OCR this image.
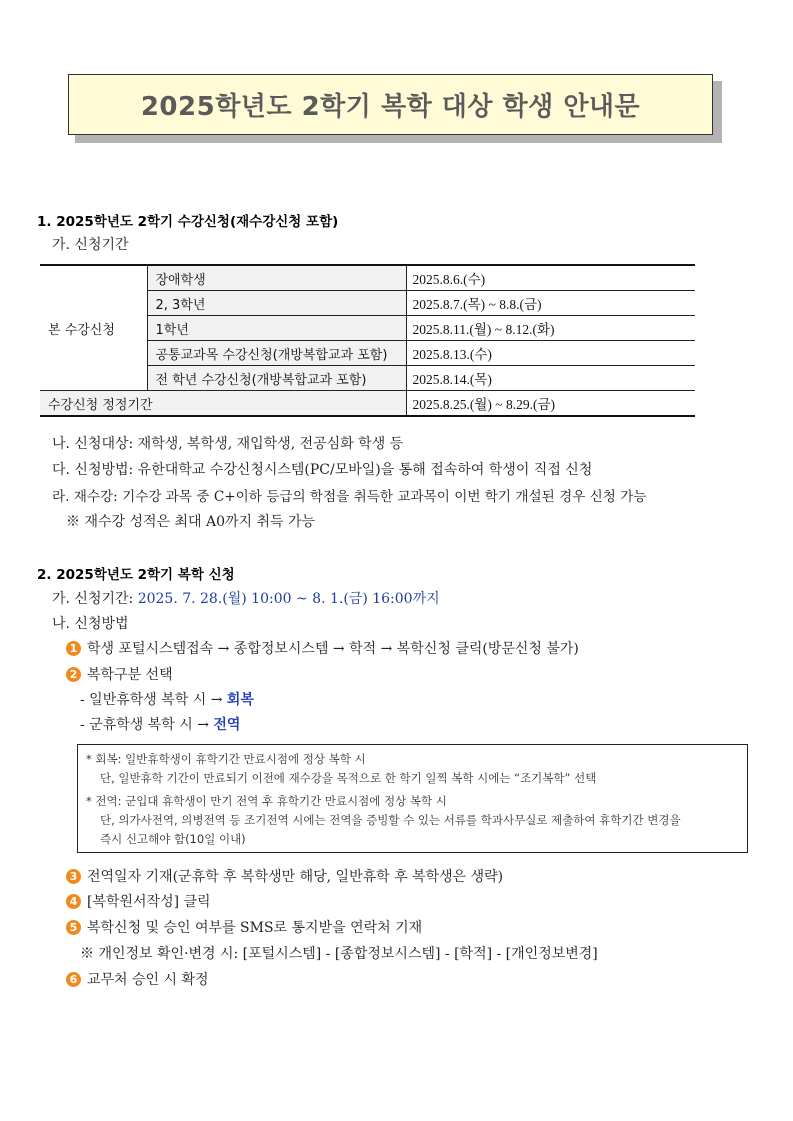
2025학년도 2학기 복학 대상 학생 안내문
1. 2025학년도 2학기 수강신청(재수강신청 포함)
가. 신청기간
본 수강신청	장애학생	2025.8.6.(수)
	2, 3학년	2025.8.7.(목) ~ 8.8.(금)
	1학년	2025.8.11.(월) ~ 8.12.(화)
	공통교과목 수강신청(개방복합교과 포함)	2025.8.13.(수)
	전 학년 수강신청(개방복합교과 포함)	2025.8.14.(목)
수강신청 정정기간		2025.8.25.(월) ~ 8.29.(금)
나. 신청대상: 재학생, 복학생, 재입학생, 전공심화 학생 등
다. 신청방법: 유한대학교 수강신청시스템(PC/모바일)을 통해 접속하여 학생이 직접 신청
라. 재수강: 기수강 과목 중 C+이하 등급의 학점을 취득한 교과목이 이번 학기 개설된 경우 신청 가능
※ 재수강 성적은 최대 A0까지 취득 가능
2. 2025학년도 2학기 복학 신청
가. 신청기간: 2025. 7. 28.(월) 10:00 ~ 8. 1.(금) 16:00까지
나. 신청방법
1 학생 포털시스템접속 → 종합정보시스템 → 학적 → 복학신청 클릭(방문신청 불가)
2 복학구분 선택
- 일반휴학생 복학 시 → 회복
- 군휴학생 복학 시 → 전역
* 회복: 일반휴학생이 휴학기간 만료시점에 정상 복학 시
단, 일반휴학 기간이 만료되기 이전에 재수강을 목적으로 한 학기 일찍 복학 시에는 “조기복학” 선택
* 전역: 군입대 휴학생이 만기 전역 후 휴학기간 만료시점에 정상 복학 시
단, 의가사전역, 의병전역 등 조기전역 시에는 전역을 증빙할 수 있는 서류를 학과사무실로 제출하여 휴학기간 변경을
즉시 신고해야 함(10일 이내)
3 전역일자 기재(군휴학 후 복학생만 해당, 일반휴학 후 복학생은 생략)
4 [복학원서작성] 클릭
5 복학신청 및 승인 여부를 SMS로 통지받을 연락처 기재
※ 개인정보 확인·변경 시: [포털시스템] - [종합정보시스템] - [학적] - [개인정보변경]
6 교무처 승인 시 확정
